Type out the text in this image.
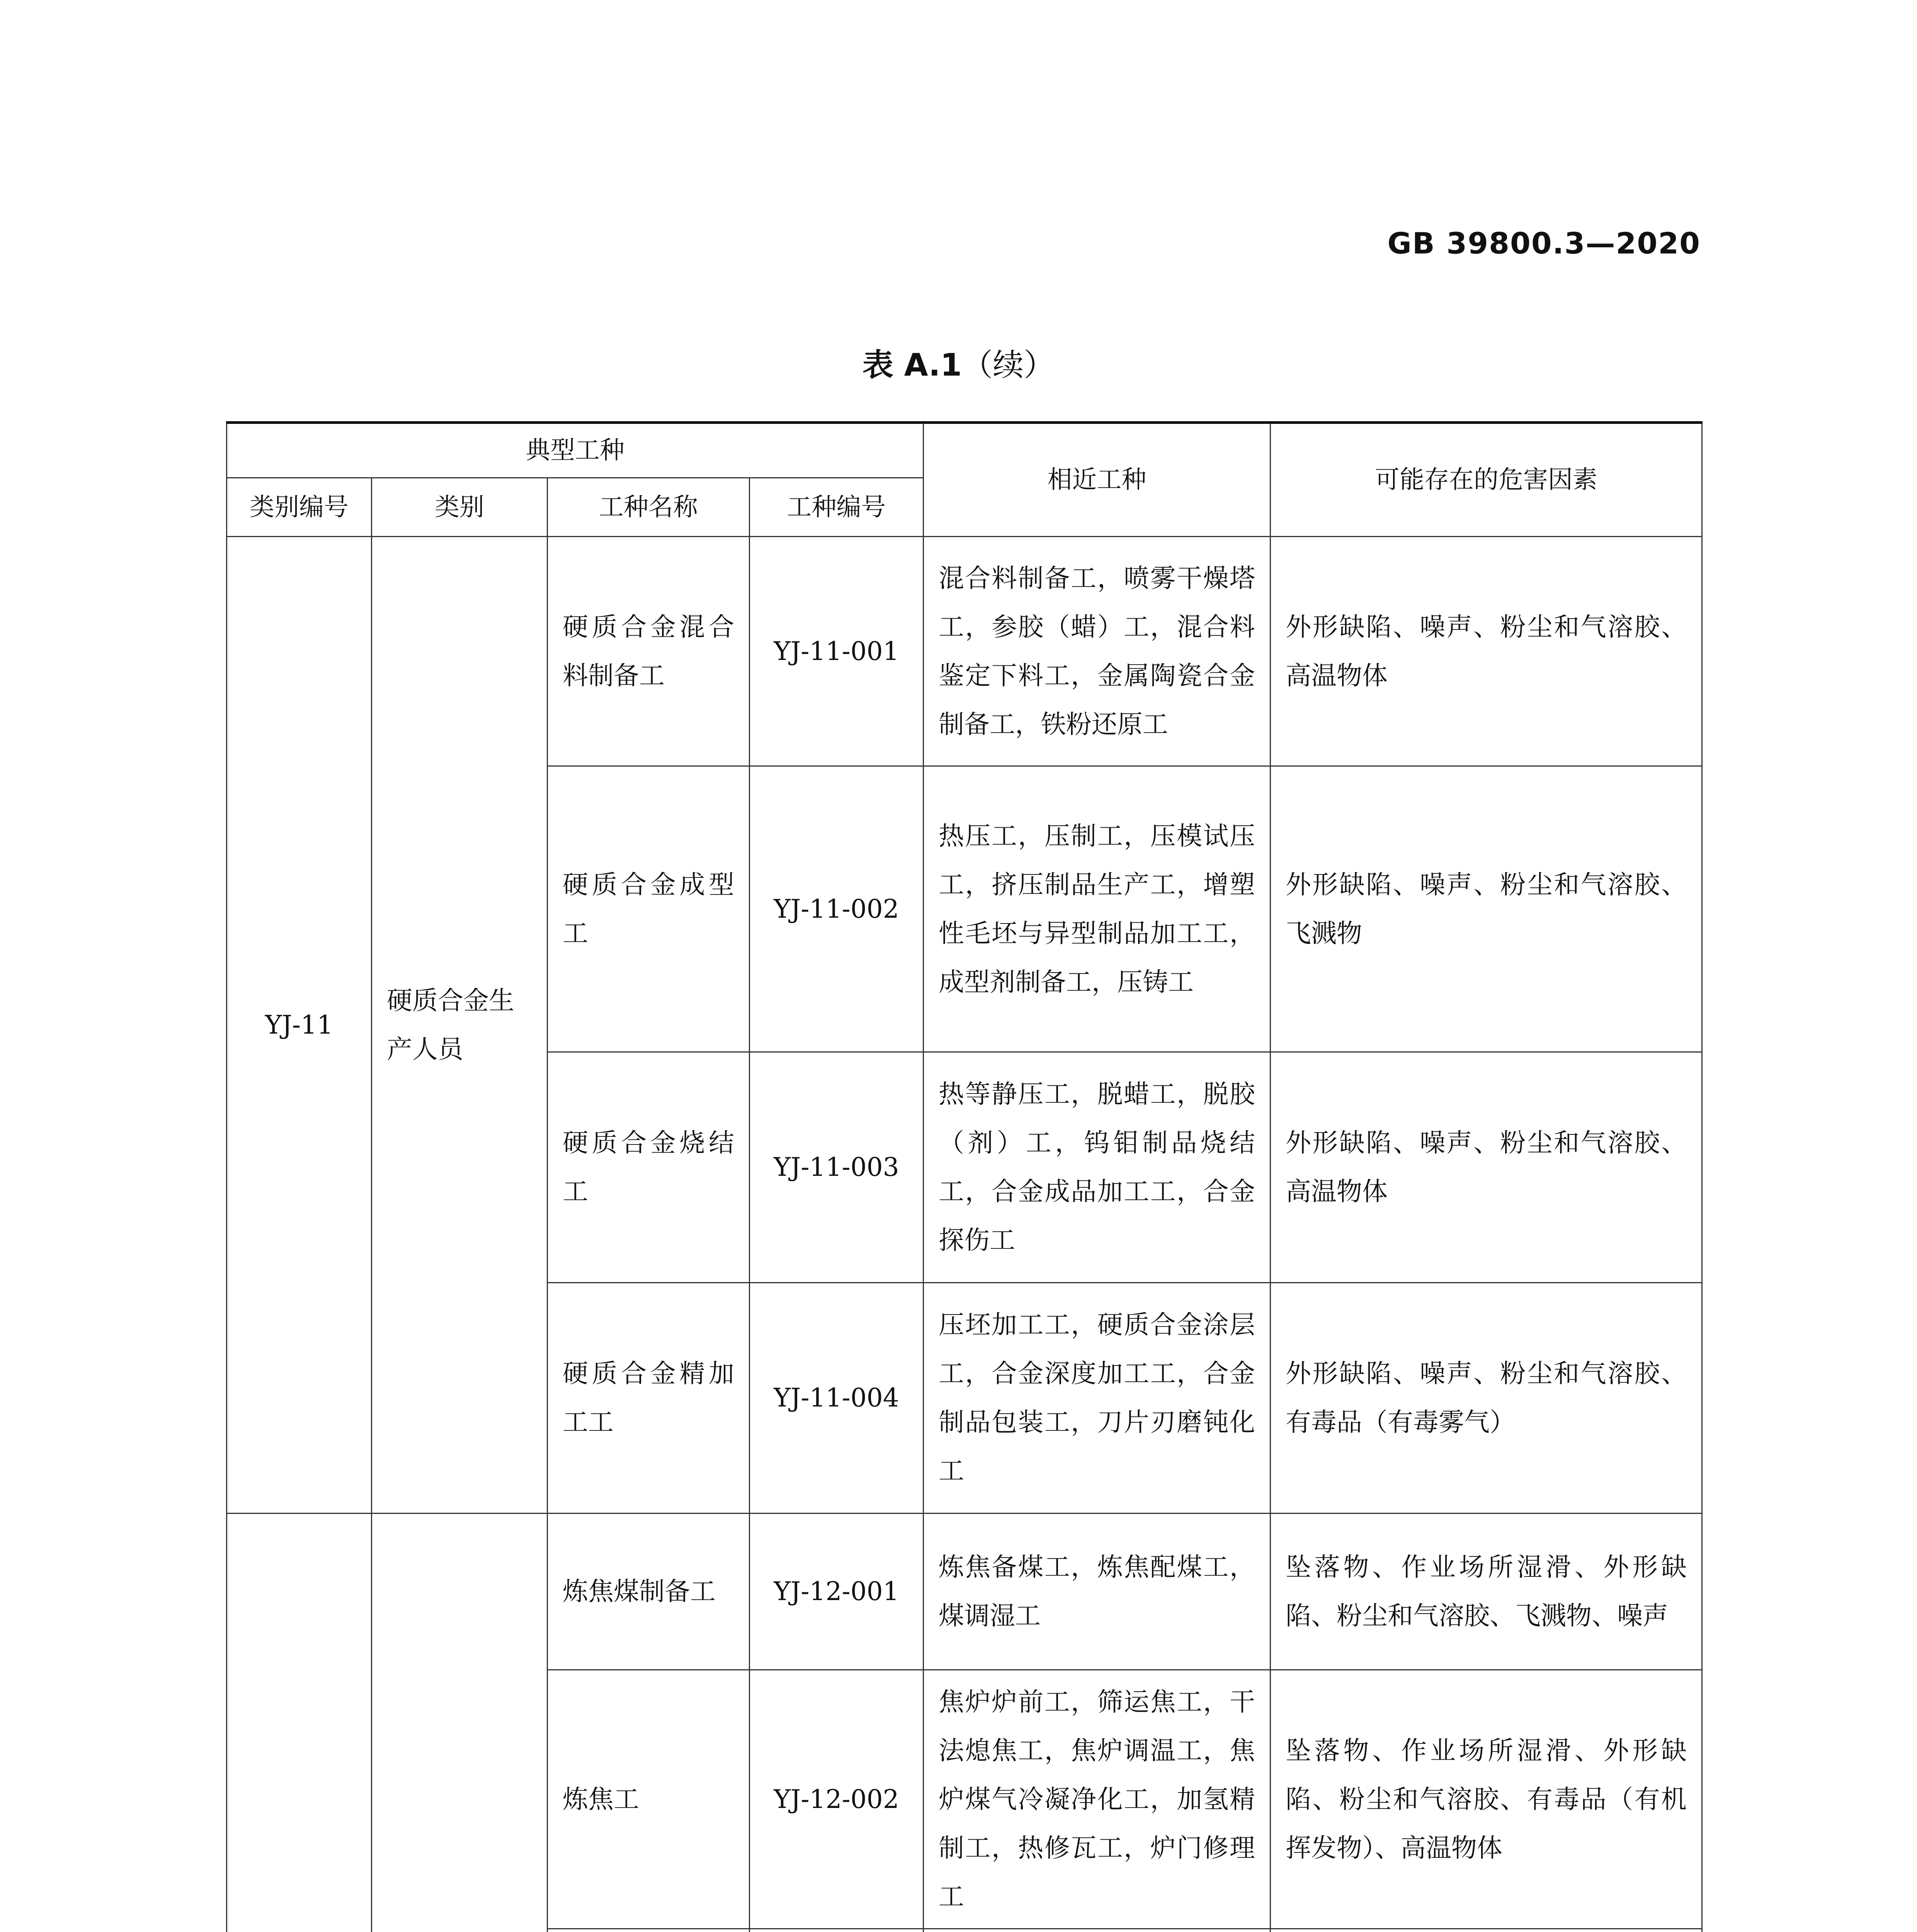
GB 39800.3—2020
表 A.1（续）
典型工种				相近工种	可能存在的危害因素
类别编号	类别	工种名称	工种编号		
YJ-11	硬质合金生产人员	硬质合金混合料制备工	YJ-11-001	混合料制备工，喷雾干燥塔工，参胶（蜡）工，混合料鉴定下料工，金属陶瓷合金制备工，铁粉还原工	外形缺陷、噪声、粉尘和气溶胶、高温物体
		硬质合金成型工	YJ-11-002	热压工，压制工，压模试压工，挤压制品生产工，增塑性毛坯与异型制品加工工，成型剂制备工，压铸工	外形缺陷、噪声、粉尘和气溶胶、飞溅物
		硬质合金烧结工	YJ-11-003	热等静压工，脱蜡工，脱胶（剂）工，钨钼制品烧结工，合金成品加工工，合金探伤工	外形缺陷、噪声、粉尘和气溶胶、高温物体
		硬质合金精加工工	YJ-11-004	压坯加工工，硬质合金涂层工，合金深度加工工，合金制品包装工，刀片刃磨钝化工	外形缺陷、噪声、粉尘和气溶胶、有毒品（有毒雾气）
		炼焦煤制备工	YJ-12-001	炼焦备煤工，炼焦配煤工，煤调湿工	坠落物、作业场所湿滑、外形缺陷、粉尘和气溶胶、飞溅物、噪声
		炼焦工	YJ-12-002	焦炉炉前工，筛运焦工，干法熄焦工，焦炉调温工，焦炉煤气冷凝净化工，加氢精制工，热修瓦工，炉门修理工	坠落物、作业场所湿滑、外形缺陷、粉尘和气溶胶、有毒品（有机挥发物）、高温物体
